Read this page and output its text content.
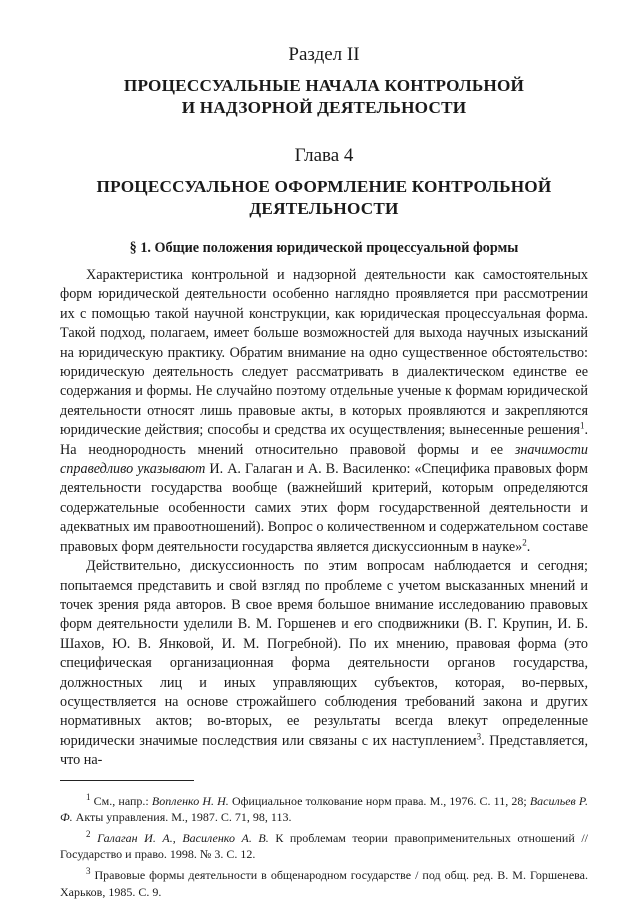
Раздел II
ПРОЦЕССУАЛЬНЫЕ НАЧАЛА КОНТРОЛЬНОЙ
И НАДЗОРНОЙ ДЕЯТЕЛЬНОСТИ
Глава 4
ПРОЦЕССУАЛЬНОЕ ОФОРМЛЕНИЕ КОНТРОЛЬНОЙ
ДЕЯТЕЛЬНОСТИ
§ 1. Общие положения юридической процессуальной формы

Характеристика контрольной и надзорной деятельности как самостоятельных форм юридической деятельности особенно наглядно проявляется при рассмотрении их с помощью такой научной конструкции, как юридическая процессуальная форма. Такой подход, полагаем, имеет больше возможностей для выхода научных изысканий на юридическую практику. Обратим внимание на одно существенное обстоятельство: юридическую деятельность следует рассматривать в диалектическом единстве ее содержания и формы. Не случайно поэтому отдельные ученые к формам юридической деятельности относят лишь правовые акты, в которых проявляются и закрепляются юридические действия; способы и средства их осуществления; вынесенные решения$^1$. На неоднородность мнений относительно правовой формы и ее значимости справедливо указывают И. А. Галаган и А. В. Василенко: «Специфика правовых форм деятельности государства вообще (важнейший критерий, которым определяются содержательные особенности самих этих форм государственной деятельности и адекватных им правоотношений). Вопрос о количественном и содержательном составе правовых форм деятельности государства является дискуссионным в науке»$^2$.

Действительно, дискуссионность по этим вопросам наблюдается и сегодня; попытаемся представить и свой взгляд по проблеме с учетом высказанных мнений и точек зрения ряда авторов. В свое время большое внимание исследованию правовых форм деятельности уделили В. М. Горшенев и его сподвижники (В. Г. Крупин, И. Б. Шахов, Ю. В. Янковой, И. М. Погребной). По их мнению, правовая форма (это специфическая организационная форма деятельности органов государства, должностных лиц и иных управляющих субъектов, которая, во-первых, осуществляется на основе строжайшего соблюдения требований закона и других нормативных актов; во-вторых, ее результаты всегда влекут определенные юридически значимые последствия или связаны с их наступлением$^3$. Представляется, что на-

$^1$ См., напр.: Вопленко Н. Н. Официальное толкование норм права. М., 1976. С. 11, 28; Васильев Р. Ф. Акты управления. М., 1987. С. 71, 98, 113.

$^2$ Галаган И. А., Василенко А. В. К проблемам теории правоприменительных отношений // Государство и право. 1998. № 3. С. 12.

$^3$ Правовые формы деятельности в общенародном государстве / под общ. ред. В. М. Горшенева. Харьков, 1985. С. 9.
